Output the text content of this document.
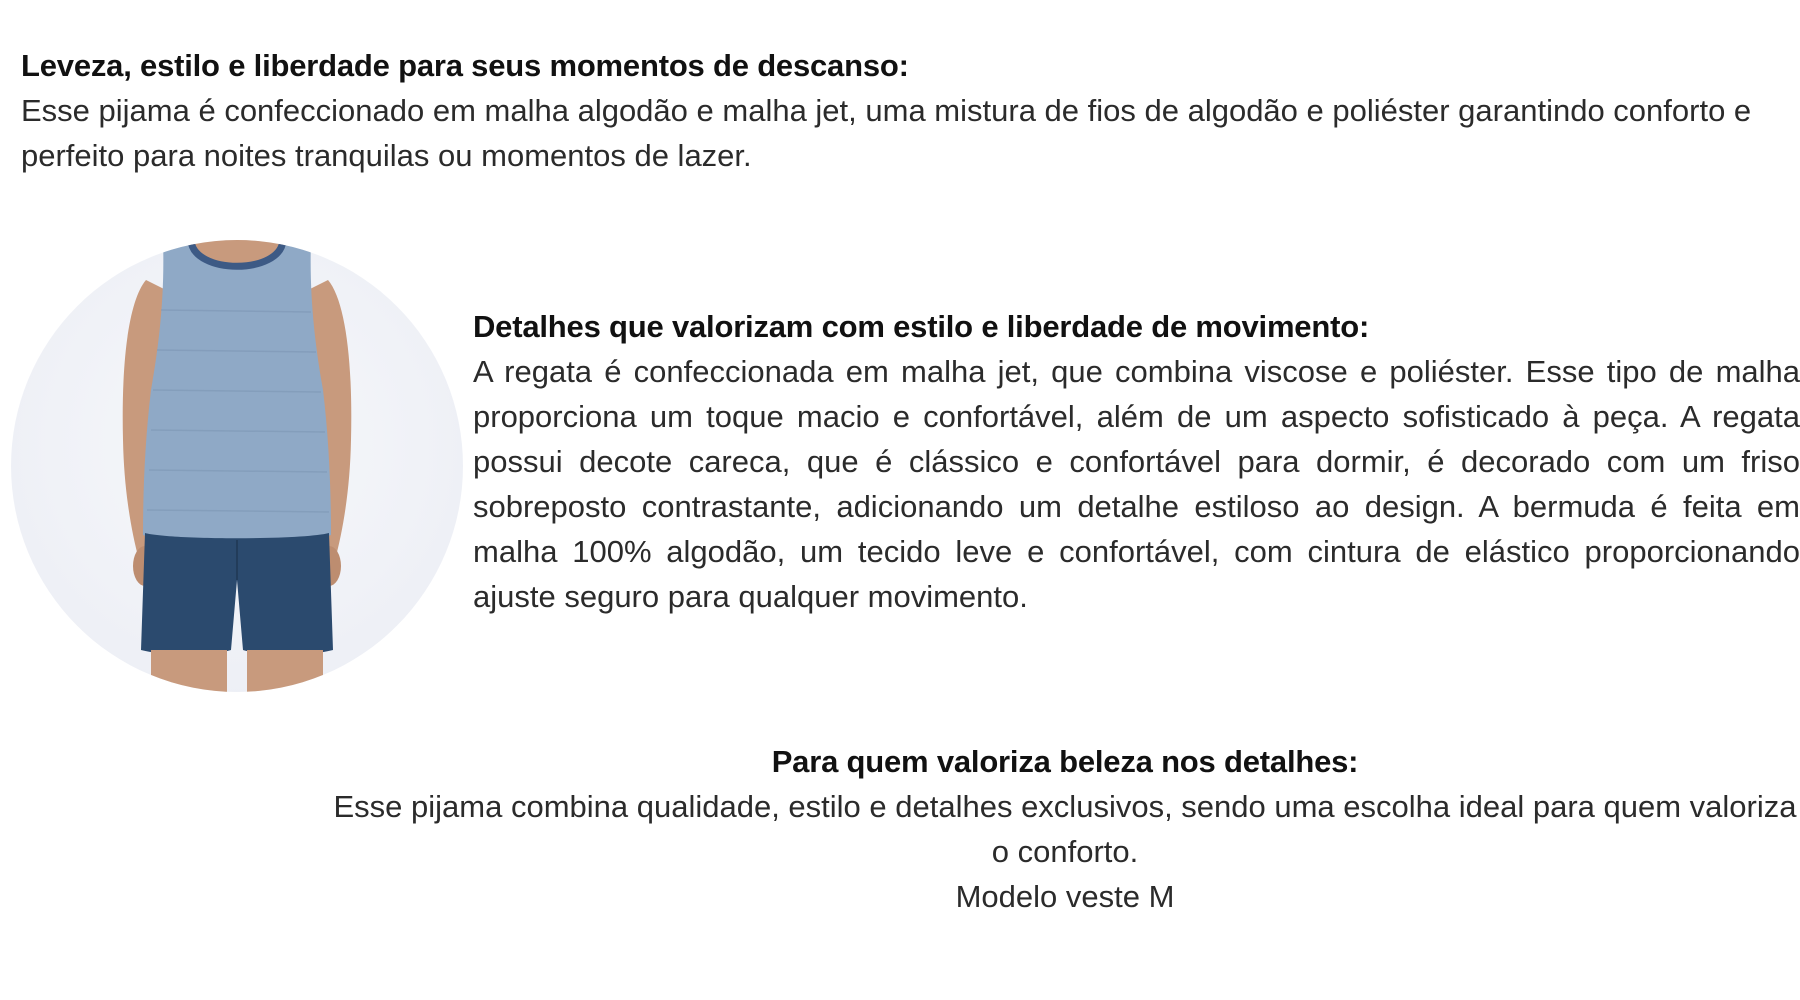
Leveza, estilo e liberdade para seus momentos de descanso:

Esse pijama é confeccionado em malha algodão e malha jet, uma mistura de fios de algodão e poliéster garantindo conforto e perfeito para noites tranquilas ou momentos de lazer.

Detalhes que valorizam com estilo e liberdade de movimento:

A regata é confeccionada em malha jet, que combina viscose e poliéster. Esse tipo de malha proporciona um toque macio e confortável, além de um aspecto sofisticado à peça. A regata possui decote careca, que é clássico e confortável para dormir, é decorado com um friso sobreposto contrastante, adicionando um detalhe estiloso ao design. A bermuda é feita em malha 100% algodão, um tecido leve e confortável, com cintura de elástico proporcionando ajuste seguro para qualquer movimento.

Para quem valoriza beleza nos detalhes:

Esse pijama combina qualidade, estilo e detalhes exclusivos, sendo uma escolha ideal para quem valoriza o conforto.

Modelo veste M
